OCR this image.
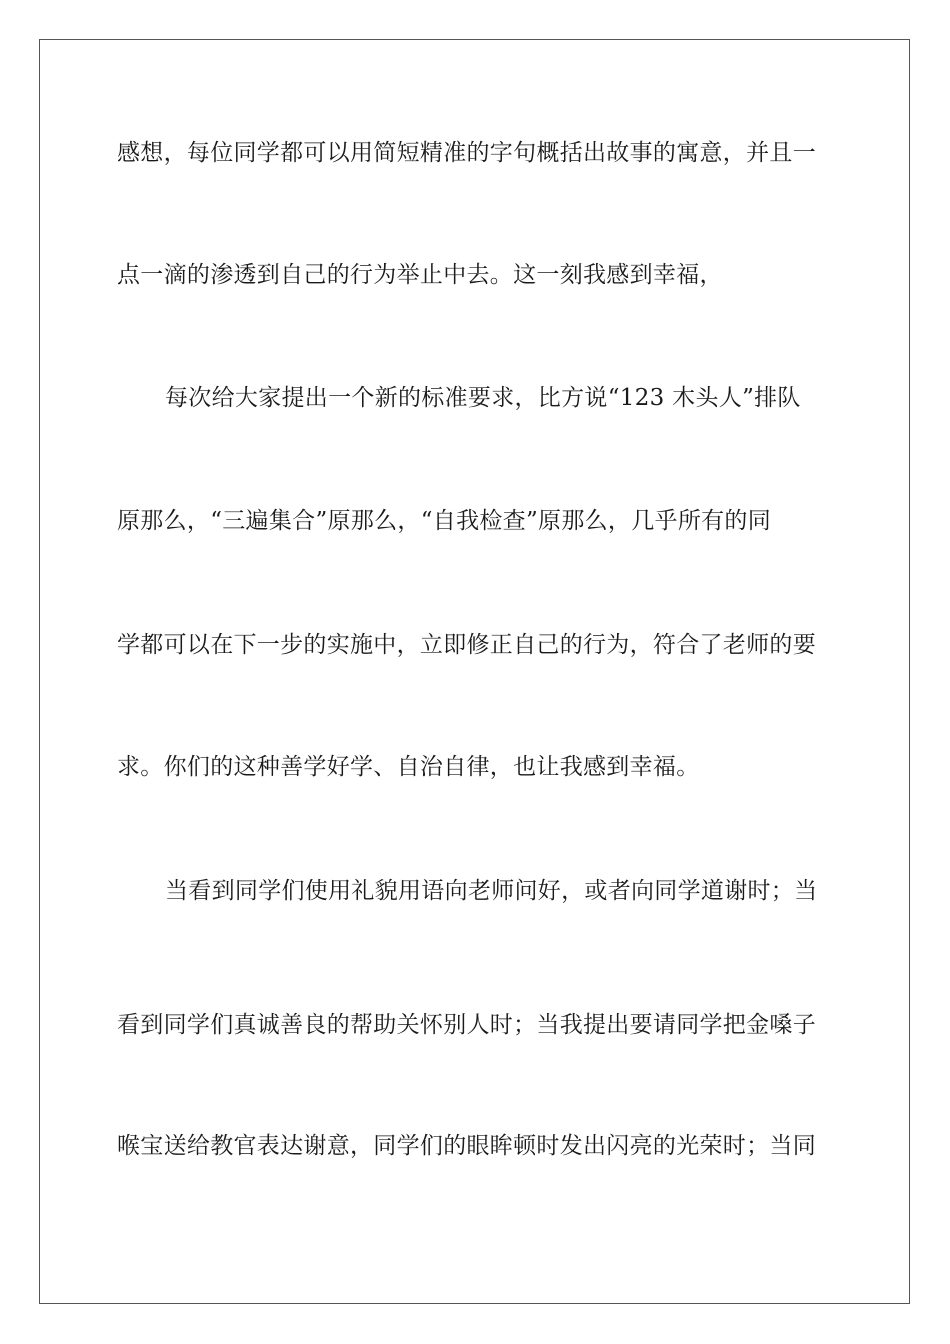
感想，每位同学都可以用简短精准的字句概括出故事的寓意，并且一
点一滴的渗透到自己的行为举止中去。这一刻我感到幸福，
每次给大家提出一个新的标准要求，比方说“123 木头人”排队
原那么，“三遍集合”原那么，“自我检查”原那么，几乎所有的同
学都可以在下一步的实施中，立即修正自己的行为，符合了老师的要
求。你们的这种善学好学、自治自律，也让我感到幸福。
当看到同学们使用礼貌用语向老师问好，或者向同学道谢时；当
看到同学们真诚善良的帮助关怀别人时；当我提出要请同学把金嗓子
喉宝送给教官表达谢意，同学们的眼眸顿时发出闪亮的光荣时；当同
